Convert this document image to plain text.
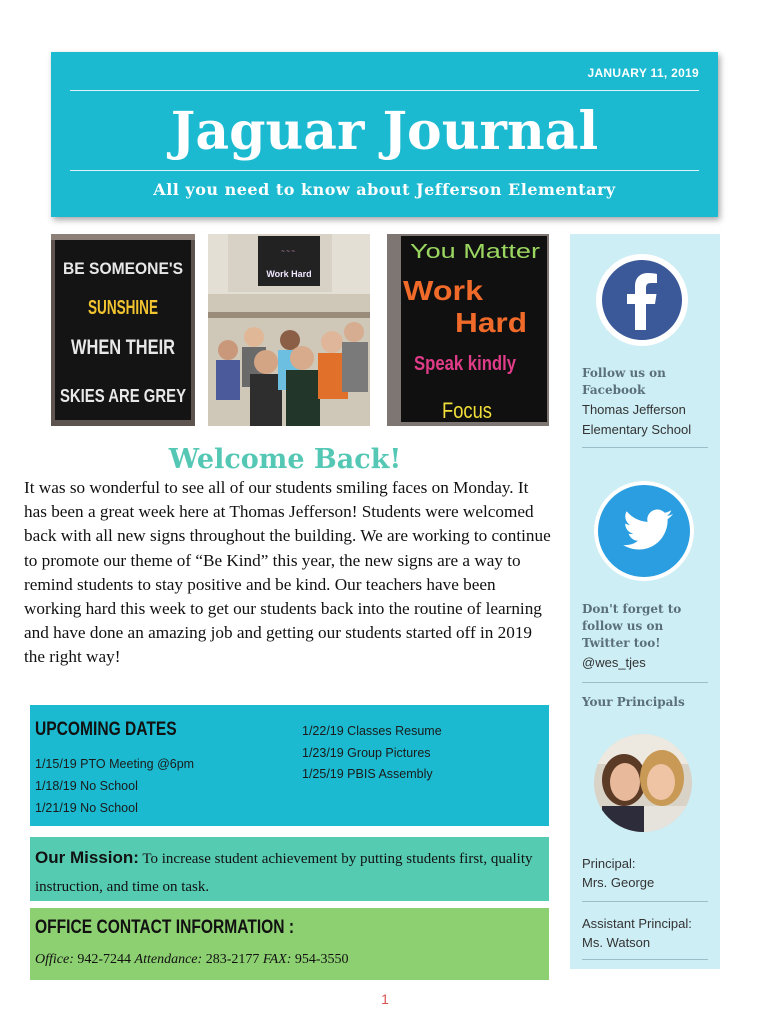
JANUARY 11, 2019
Jaguar Journal
All you need to know about Jefferson Elementary
BE SOMEONE'S
SUNSHINE
WHEN THEIR
SKIES ARE GREY
~ ~ ~
Work Hard
You Matter
Work
Hard
Speak kindly
Focus
Welcome Back!

It was so wonderful to see all of our students smiling faces on Monday. It has been a great week here at Thomas Jefferson! Students were welcomed back with all new signs throughout the building. We are working to continue to promote our theme of “Be Kind” this year, the new signs are a way to remind students to stay positive and be kind. Our teachers have been working hard this week to get our students back into the routine of learning and have done an amazing job and getting our students started off in 2019 the right way!

UPCOMING DATES
1/15/19 PTO Meeting @6pm
1/18/19 No School
1/21/19 No School
1/22/19 Classes Resume
1/23/19 Group Pictures
1/25/19 PBIS Assembly
Our Mission: To increase student achievement by putting students first, quality instruction, and time on task.
OFFICE CONTACT INFORMATION :
Office: 942-7244 Attendance: 283-2177 FAX: 954-3550
1
Follow us on Facebook
Thomas Jefferson Elementary School
Don't forget to follow us on Twitter too!
@wes_tjes
Your Principals
Principal:
Mrs. George
Assistant Principal:
Ms. Watson
